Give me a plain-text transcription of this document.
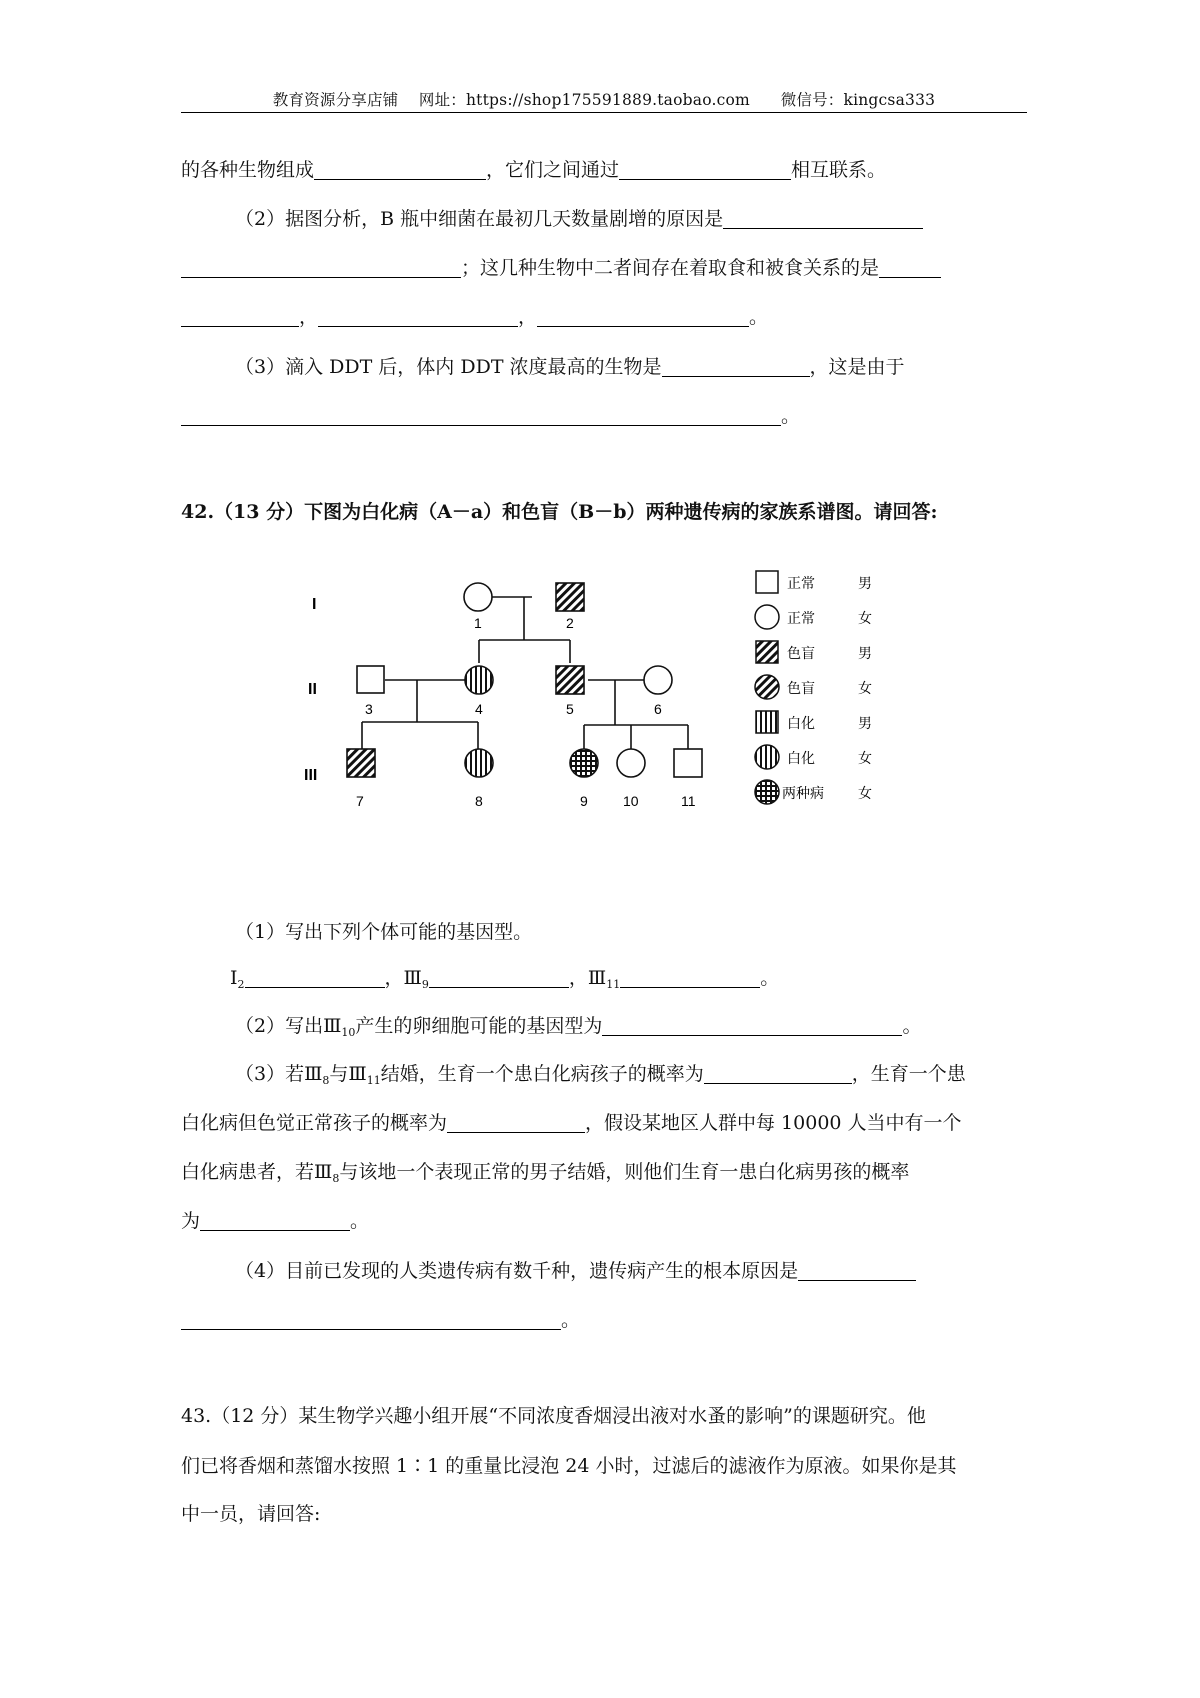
教育资源分享店铺 网址：https://shop175591889.taobao.com 微信号：kingcsa333
的各种生物组成	，它们之间通过	相互联系。
（2）据图分析，B 瓶中细菌在最初几天数量剧增的原因是
；这几种生物中二者间存在着取食和被食关系的是
，	，	。
（3）滴入 DDT 后，体内 DDT 浓度最高的生物是	，这是由于
。
42.（13 分）下图为白化病（A－a）和色盲（B－b）两种遗传病的家族系谱图。请回答:
I
II
III
1	2
3	4	5	6
7	8	9	10	11
正常	男
正常	女
色盲	男
色盲	女
白化	男
白化	女
两种病 女
（1）写出下列个体可能的基因型。
$Ⅰ_2$	，$Ⅲ_9$	，$Ⅲ_{11}$	。
（2）写出$Ⅲ_{10}$产生的卵细胞可能的基因型为	。
（3）若$Ⅲ_8$与$Ⅲ_{11}$结婚，生育一个患白化病孩子的概率为	，生育一个患
白化病但色觉正常孩子的概率为	，假设某地区人群中每 10000 人当中有一个
白化病患者，若$Ⅲ_8$与该地一个表现正常的男子结婚，则他们生育一患白化病男孩的概率
为	。
（4）目前已发现的人类遗传病有数千种，遗传病产生的根本原因是
。
43.（12 分）某生物学兴趣小组开展“不同浓度香烟浸出液对水蚤的影响”的课题研究。他
们已将香烟和蒸馏水按照 1∶1 的重量比浸泡 24 小时，过滤后的滤液作为原液。如果你是其
中一员，请回答:
